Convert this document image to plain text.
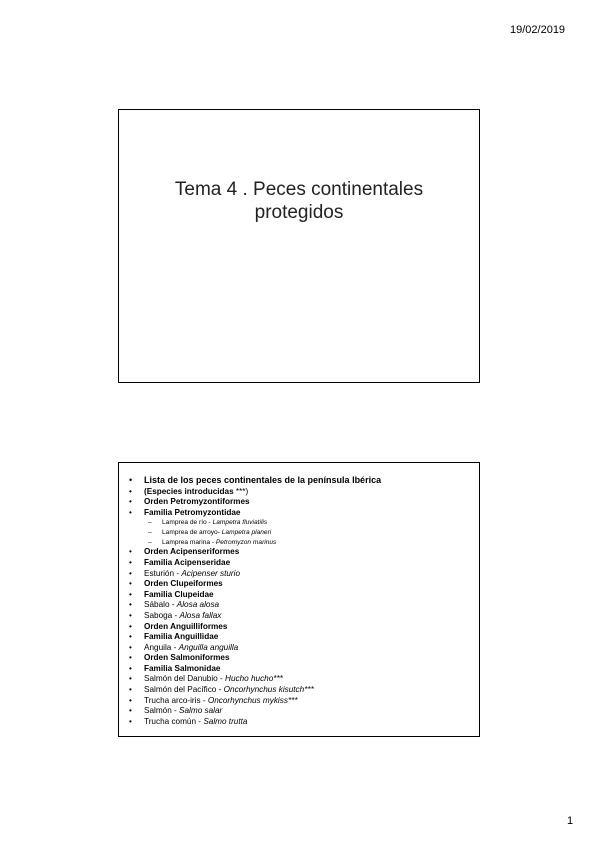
19/02/2019
Tema 4 . Peces continentales
protegidos
• Lista de los peces continentales de la península Ibérica
• (Especies introducidas ***)
• Orden Petromyzontiformes
• Familia Petromyzontidae
– Lamprea de río - Lampetra fluviatilis
– Lamprea de arroyo- Lampetra planeri
– Lamprea marina - Petromyzon marinus
• Orden Acipenseriformes
• Familia Acipenseridae
• Esturión - Acipenser sturio
• Orden Clupeiformes
• Familia Clupeidae
• Sábalo - Alosa alosa
• Saboga - Alosa fallax
• Orden Anguilliformes
• Familia Anguillidae
• Anguila - Anguilla anguilla
• Orden Salmoniformes
• Familia Salmonidae
• Salmón del Danubio - Hucho hucho***
• Salmón del Pacífico - Oncorhynchus kisutch***
• Trucha arco-iris - Oncorhynchus mykiss***
• Salmón - Salmo salar
• Trucha común - Salmo trutta
1
